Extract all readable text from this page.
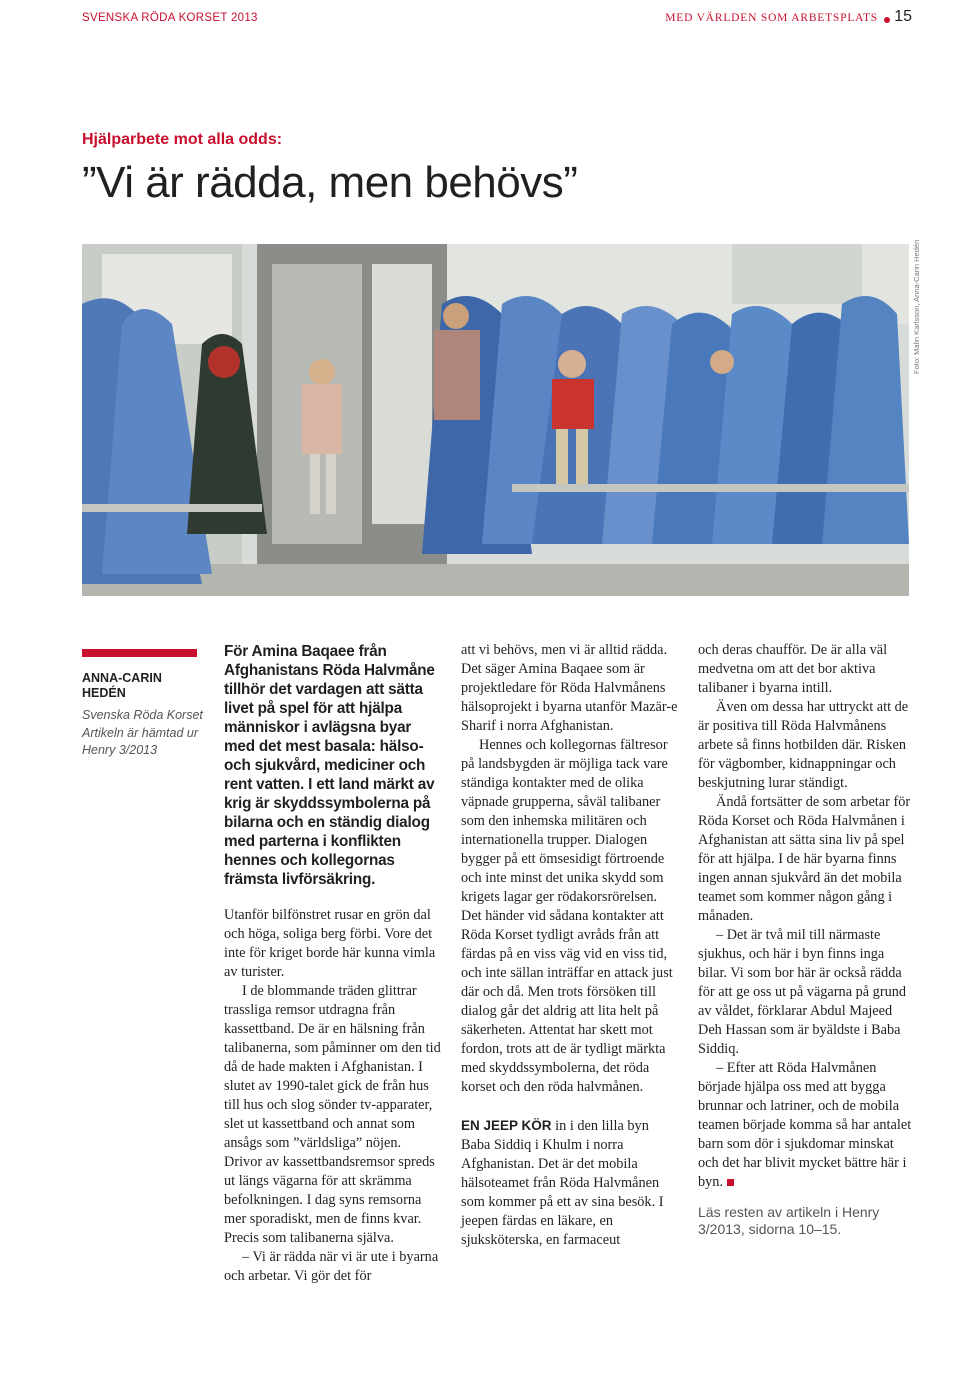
SVENSKA RÖDA KORSET 2013	MED VÄRLDEN SOM ARBETSPLATS 15
Hjälparbete mot alla odds:
”Vi är rädda, men behövs”
Foto: Malin Karlsson, Anna-Carin Hedén
ANNA-CARIN HEDÉN
Svenska Röda Korset
Artikeln är hämtad ur Henry 3/2013
För Amina Baqaee från Afghanistans Röda Halvmåne tillhör det vardagen att sätta livet på spel för att hjälpa människor i avlägsna byar med det mest basala: hälso- och sjukvård, mediciner och rent vatten. I ett land märkt av krig är skyddssymbolerna på bilarna och en ständig dialog med parterna i konflikten hennes och kollegornas främsta livförsäkring.

Utanför bilfönstret rusar en grön dal och höga, soliga berg förbi. Vore det inte för kriget borde här kunna vimla av turister.

I de blommande träden glittrar trassliga remsor utdragna från kassettband. De är en hälsning från talibanerna, som påminner om den tid då de hade makten i Afghanistan. I slutet av 1990-talet gick de från hus till hus och slog sönder tv-apparater, slet ut kassettband och annat som ansågs som ”världsliga” nöjen. Drivor av kassettbandsremsor spreds ut längs vägarna för att skrämma befolkningen. I dag syns remsorna mer sporadiskt, men de finns kvar. Precis som talibanerna själva.

– Vi är rädda när vi är ute i byarna och arbetar. Vi gör det för

att vi behövs, men vi är alltid rädda. Det säger Amina Baqaee som är projektledare för Röda Halvmånens hälsoprojekt i byarna utanför Mazär-e Sharif i norra Afghanistan.

Hennes och kollegornas fältresor på landsbygden är möjliga tack vare ständiga kontakter med de olika väpnade grupperna, såväl talibaner som den inhemska militären och internationella trupper. Dialogen bygger på ett ömsesidigt förtroende och inte minst det unika skydd som krigets lagar ger rödakorsrörelsen. Det händer vid sådana kontakter att Röda Korset tydligt avråds från att färdas på en viss väg vid en viss tid, och inte sällan inträffar en attack just där och då. Men trots försöken till dialog går det aldrig att lita helt på säkerheten. Attentat har skett mot fordon, trots att de är tydligt märkta med skyddssymbolerna, det röda korset och den röda halvmånen.

EN JEEP KÖR in i den lilla byn Baba Siddiq i Khulm i norra Afghanistan. Det är det mobila hälsoteamet från Röda Halvmånen som kommer på ett av sina besök. I jeepen färdas en läkare, en sjuksköterska, en farmaceut

och deras chaufför. De är alla väl medvetna om att det bor aktiva talibaner i byarna intill.

Även om dessa har uttryckt att de är positiva till Röda Halvmånens arbete så finns hotbilden där. Risken för vägbomber, kidnappningar och beskjutning lurar ständigt.

Ändå fortsätter de som arbetar för Röda Korset och Röda Halvmånen i Afghanistan att sätta sina liv på spel för att hjälpa. I de här byarna finns ingen annan sjukvård än det mobila teamet som kommer någon gång i månaden.

– Det är två mil till närmaste sjukhus, och här i byn finns inga bilar. Vi som bor här är också rädda för att ge oss ut på vägarna på grund av våldet, förklarar Abdul Majeed Deh Hassan som är byäldste i Baba Siddiq.

– Efter att Röda Halvmånen började hjälpa oss med att bygga brunnar och latriner, och de mobila teamen började komma så har antalet barn som dör i sjukdomar minskat och det har blivit mycket bättre här i byn.

Läs resten av artikeln i Henry 3/2013, sidorna 10–15.
